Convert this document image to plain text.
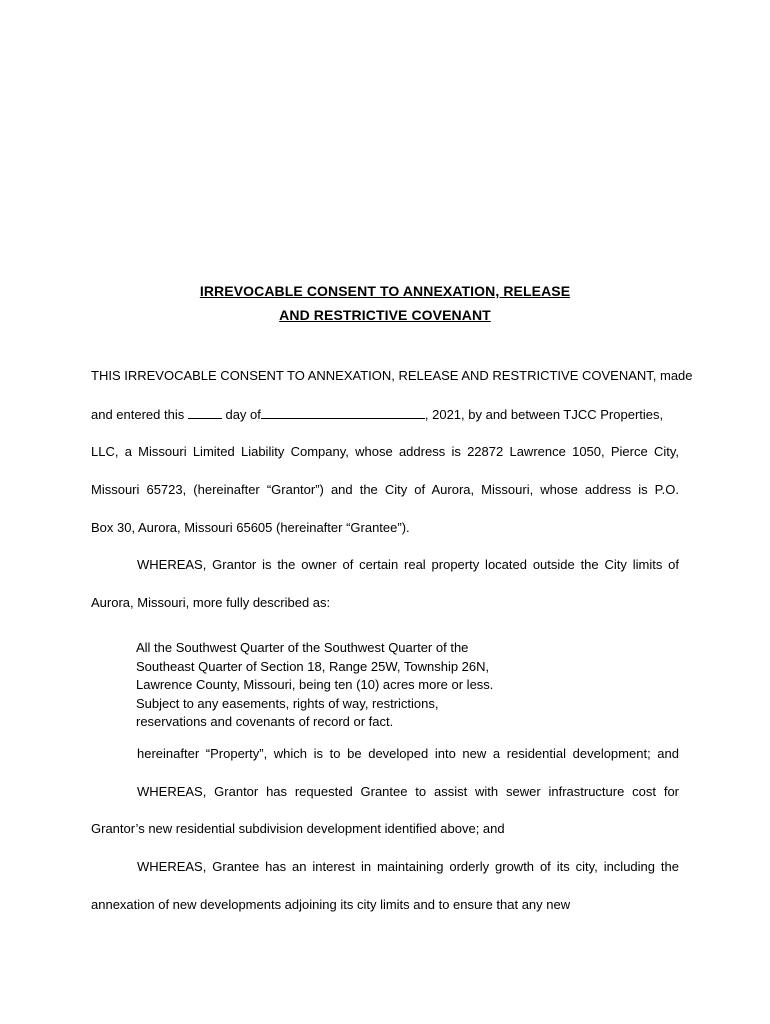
IRREVOCABLE CONSENT TO ANNEXATION, RELEASE
AND RESTRICTIVE COVENANT
THIS IRREVOCABLE CONSENT TO ANNEXATION, RELEASE AND RESTRICTIVE COVENANT, made
and entered this	day of	, 2021, by and between TJCC Properties,
LLC, a Missouri Limited Liability Company, whose address is 22872 Lawrence 1050, Pierce City,
Missouri 65723, (hereinafter “Grantor”) and the City of Aurora, Missouri, whose address is P.O.
Box 30, Aurora, Missouri 65605 (hereinafter “Grantee”).
WHEREAS, Grantor is the owner of certain real property located outside the City limits of
Aurora, Missouri, more fully described as:
All the Southwest Quarter of the Southwest Quarter of the
Southeast Quarter of Section 18, Range 25W, Township 26N,
Lawrence County, Missouri, being ten (10) acres more or less.
Subject to any easements, rights of way, restrictions,
reservations and covenants of record or fact.
hereinafter “Property”, which is to be developed into new a residential development; and
WHEREAS, Grantor has requested Grantee to assist with sewer infrastructure cost for
Grantor’s new residential subdivision development identified above; and
WHEREAS, Grantee has an interest in maintaining orderly growth of its city, including the
annexation of new developments adjoining its city limits and to ensure that any new
